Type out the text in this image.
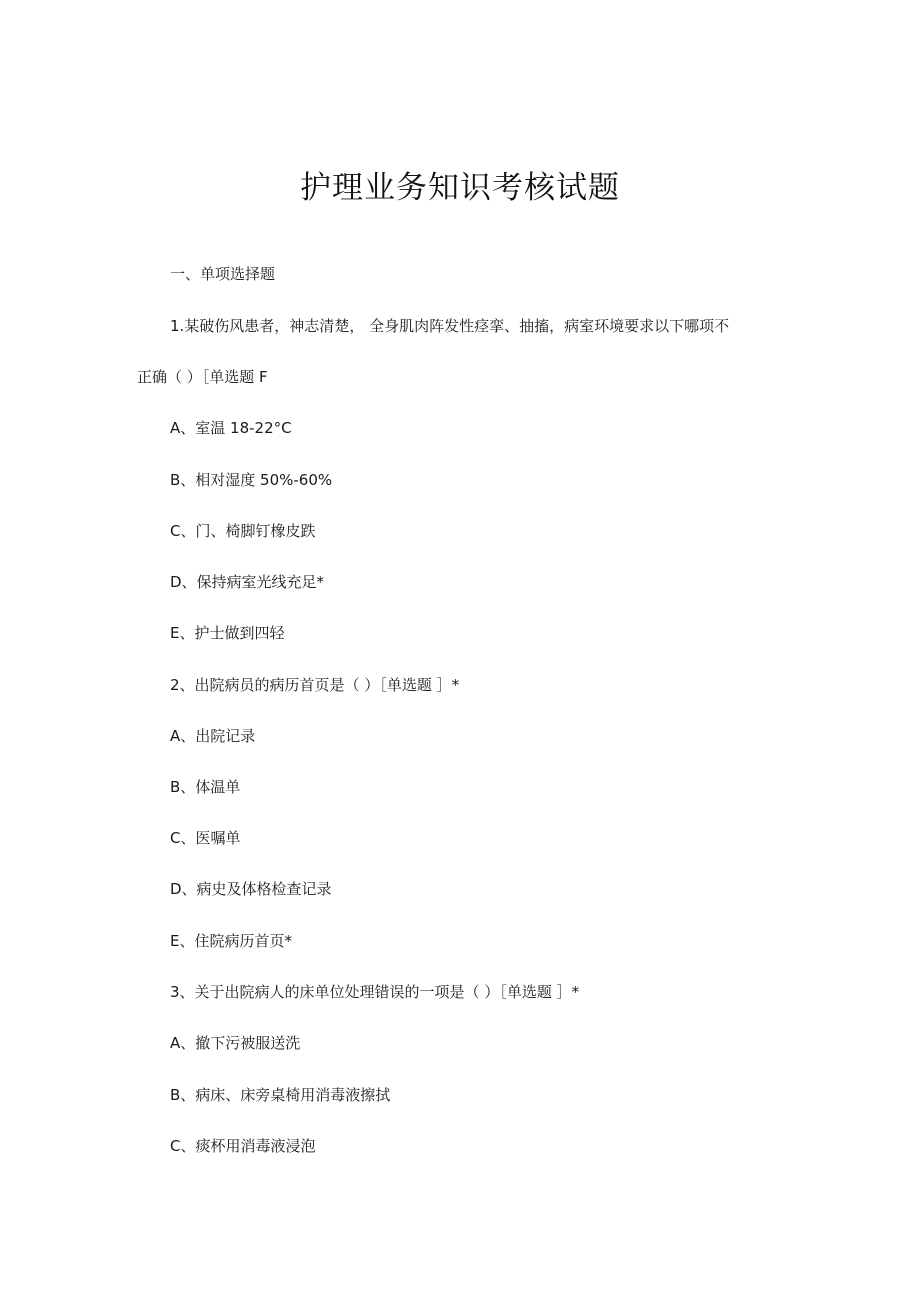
护理业务知识考核试题
一、单项选择题
1.某破伤风患者，神志清楚， 全身肌肉阵发性痉挛、抽搐，病室环境要求以下哪项不
正确（ ）［单选题 F
A、室温 18-22°C
B、相对湿度 50%-60%
C、门、椅脚钉橡皮跌
D、保持病室光线充足*
E、护士做到四轻
2、出院病员的病历首页是（ ）［单选题 ］*
A、出院记录
B、体温单
C、医嘱单
D、病史及体格检查记录
E、住院病历首页*
3、关于出院病人的床单位处理错误的一项是（ ）［单选题 ］*
A、撤下污被服送洗
B、病床、床旁桌椅用消毒液擦拭
C、痰杯用消毒液浸泡
